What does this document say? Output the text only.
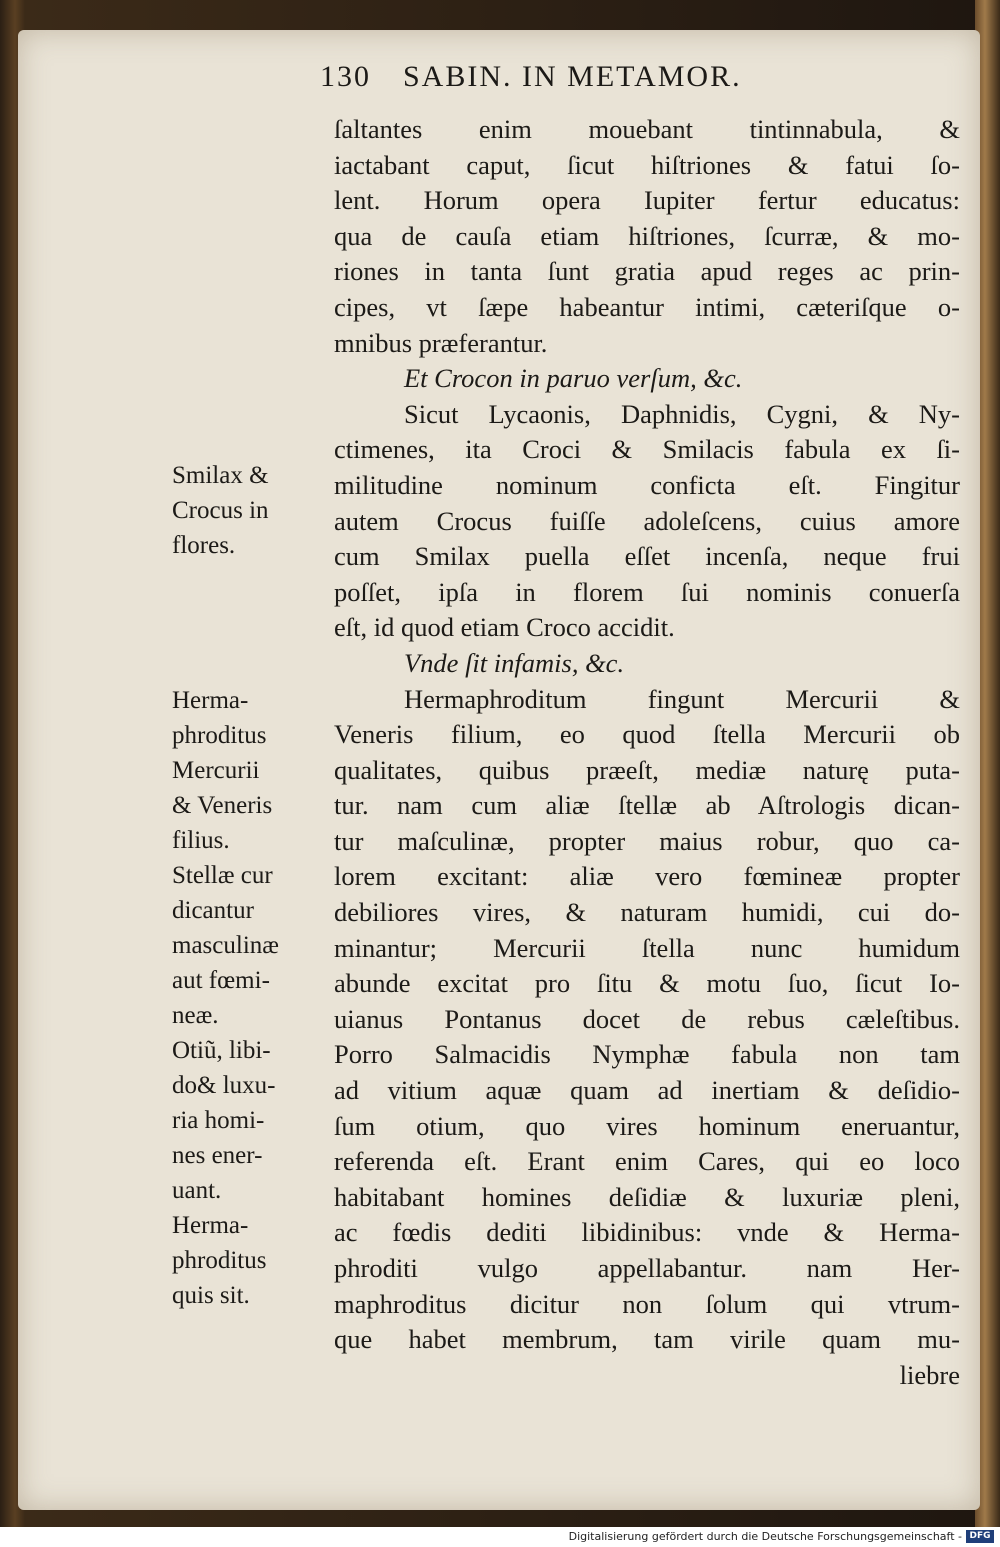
130 SABIN. IN METAMOR.
Smilax &
Crocus in
flores.
Herma-
phroditus
Mercurii
& Veneris
filius.
Stellæ cur
dicantur
masculinæ
aut fœmi-
neæ.
Otiũ, libi-
do& luxu-
ria homi-
nes ener-
uant.
Herma-
phroditus
quis sit.
ſaltantes enim mouebant tintinnabula, &
iactabant caput, ſicut hiſtriones & fatui ſo-
lent. Horum opera Iupiter fertur educatus:
qua de cauſa etiam hiſtriones, ſcurræ, & mo-
riones in tanta ſunt gratia apud reges ac prin-
cipes, vt ſæpe habeantur intimi, cæteriſque o-
mnibus præferantur.
Et Crocon in paruo verſum, &c.
Sicut Lycaonis, Daphnidis, Cygni, & Ny-
ctimenes, ita Croci & Smilacis fabula ex ſi-
militudine nominum conficta eſt. Fingitur
autem Crocus fuiſſe adoleſcens, cuius amore
cum Smilax puella eſſet incenſa, neque frui
poſſet, ipſa in florem ſui nominis conuerſa
eſt, id quod etiam Croco accidit.
Vnde ſit infamis, &c.
Hermaphroditum fingunt Mercurii &
Veneris filium, eo quod ſtella Mercurii ob
qualitates, quibus præeſt, mediæ naturę puta-
tur. nam cum aliæ ſtellæ ab Aſtrologis dican-
tur maſculinæ, propter maius robur, quo ca-
lorem excitant: aliæ vero fœmineæ propter
debiliores vires, & naturam humidi, cui do-
minantur; Mercurii ſtella nunc humidum
abunde excitat pro ſitu & motu ſuo, ſicut Io-
uianus Pontanus docet de rebus cæleſtibus.
Porro Salmacidis Nymphæ fabula non tam
ad vitium aquæ quam ad inertiam & deſidio-
ſum otium, quo vires hominum eneruantur,
referenda eſt. Erant enim Cares, qui eo loco
habitabant homines deſidiæ & luxuriæ pleni,
ac fœdis dediti libidinibus: vnde & Herma-
phroditi vulgo appellabantur. nam Her-
maphroditus dicitur non ſolum qui vtrum-
que habet membrum, tam virile quam mu-
liebre
Digitalisierung gefördert durch die Deutsche Forschungsgemeinschaft - DFG
